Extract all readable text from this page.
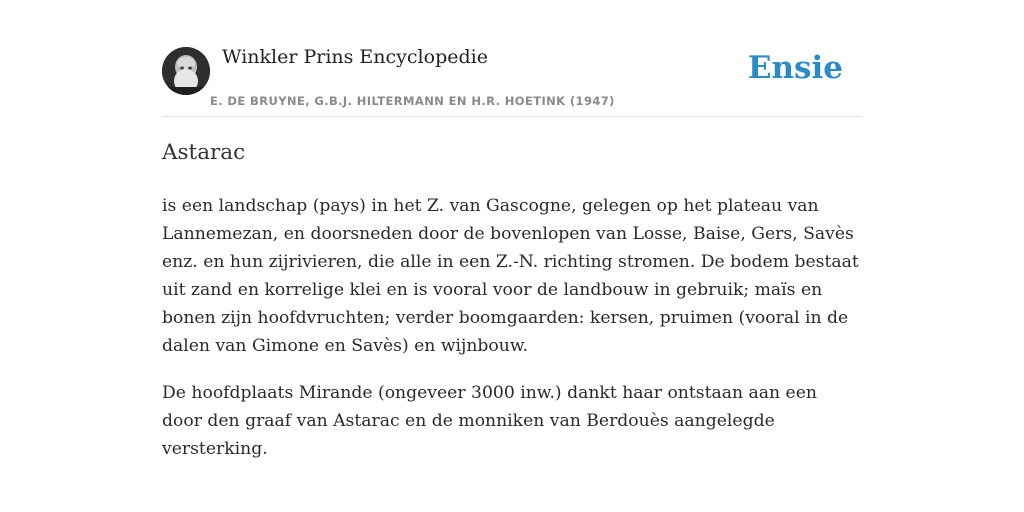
Winkler Prins Encyclopedie
E. DE BRUYNE, G.B.J. HILTERMANN EN H.R. HOETINK (1947)
Ensie
Astarac

is een landschap (pays) in het Z. van Gascogne, gelegen op het plateau van Lannemezan, en doorsneden door de bovenlopen van Losse, Baise, Gers, Savès enz. en hun zijrivieren, die alle in een Z.-N. richting stromen. De bodem bestaat uit zand en korrelige klei en is vooral voor de landbouw in gebruik; maïs en bonen zijn hoofdvruchten; verder boomgaarden: kersen, pruimen (vooral in de dalen van Gimone en Savès) en wijnbouw.

De hoofdplaats Mirande (ongeveer 3000 inw.) dankt haar ontstaan aan een door den graaf van Astarac en de monniken van Berdouès aangelegde versterking.
